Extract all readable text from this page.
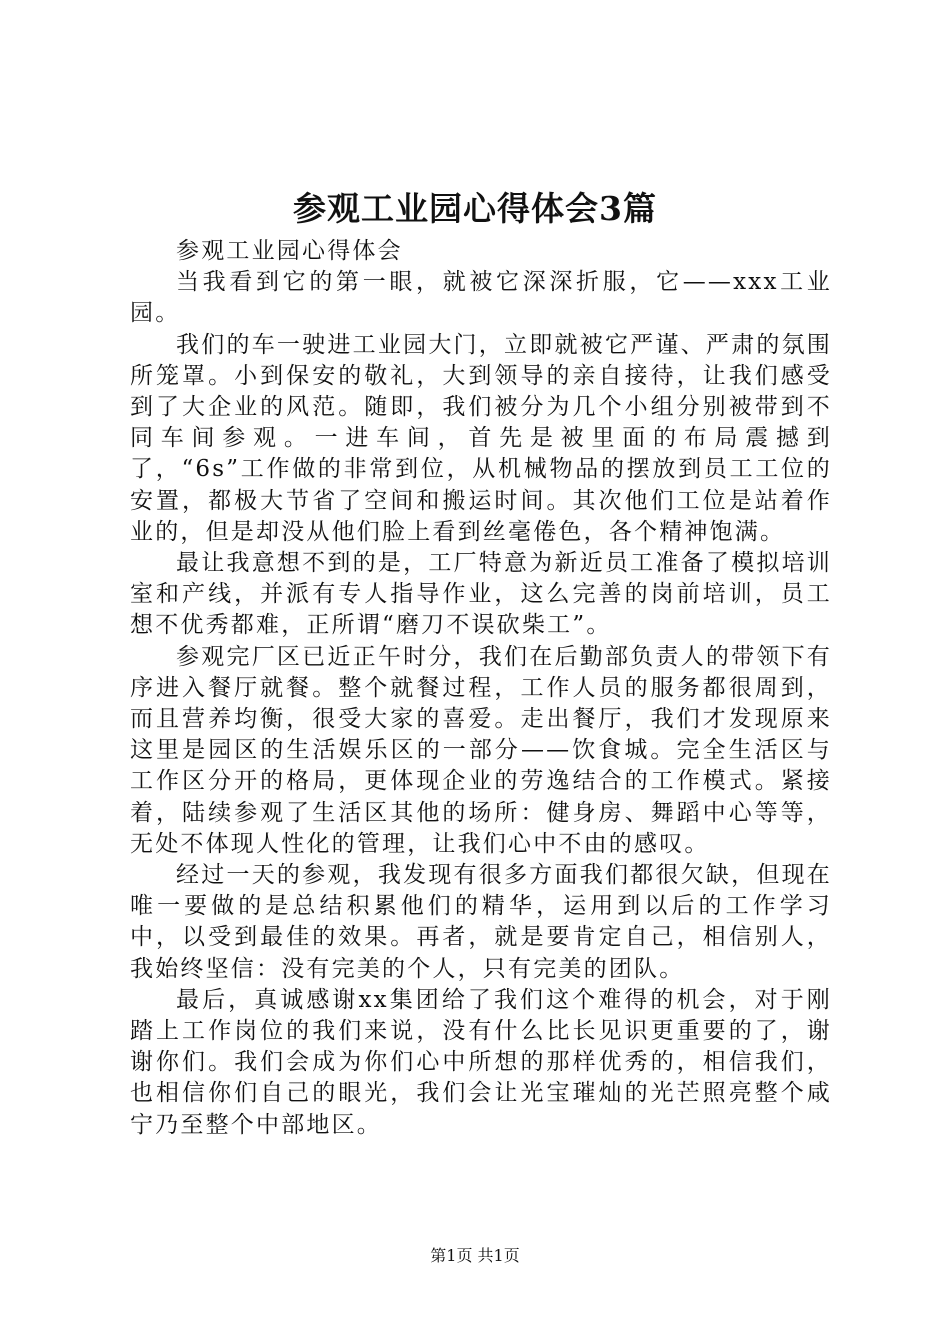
参观工业园心得体会3篇

参观工业园心得体会

当我看到它的第一眼，就被它深深折服，它——xxx工业园。

我们的车一驶进工业园大门，立即就被它严谨、严肃的氛围所笼罩。小到保安的敬礼，大到领导的亲自接待，让我们感受到了大企业的风范。随即，我们被分为几个小组分别被带到不同车间参观。一进车间，首先是被里面的布局震撼到了，“6s”工作做的非常到位，从机械物品的摆放到员工工位的安置，都极大节省了空间和搬运时间。其次他们工位是站着作业的，但是却没从他们脸上看到丝毫倦色，各个精神饱满。

最让我意想不到的是，工厂特意为新近员工准备了模拟培训室和产线，并派有专人指导作业，这么完善的岗前培训，员工想不优秀都难，正所谓“磨刀不误砍柴工”。

参观完厂区已近正午时分，我们在后勤部负责人的带领下有序进入餐厅就餐。整个就餐过程，工作人员的服务都很周到，而且营养均衡，很受大家的喜爱。走出餐厅，我们才发现原来这里是园区的生活娱乐区的一部分——饮食城。完全生活区与工作区分开的格局，更体现企业的劳逸结合的工作模式。紧接着，陆续参观了生活区其他的场所：健身房、舞蹈中心等等，无处不体现人性化的管理，让我们心中不由的感叹。

经过一天的参观，我发现有很多方面我们都很欠缺，但现在唯一要做的是总结积累他们的精华，运用到以后的工作学习中，以受到最佳的效果。再者，就是要肯定自己，相信别人，我始终坚信：没有完美的个人，只有完美的团队。

最后，真诚感谢xx集团给了我们这个难得的机会，对于刚踏上工作岗位的我们来说，没有什么比长见识更重要的了，谢谢你们。我们会成为你们心中所想的那样优秀的，相信我们，也相信你们自己的眼光，我们会让光宝璀灿的光芒照亮整个咸宁乃至整个中部地区。

第1页 共1页
